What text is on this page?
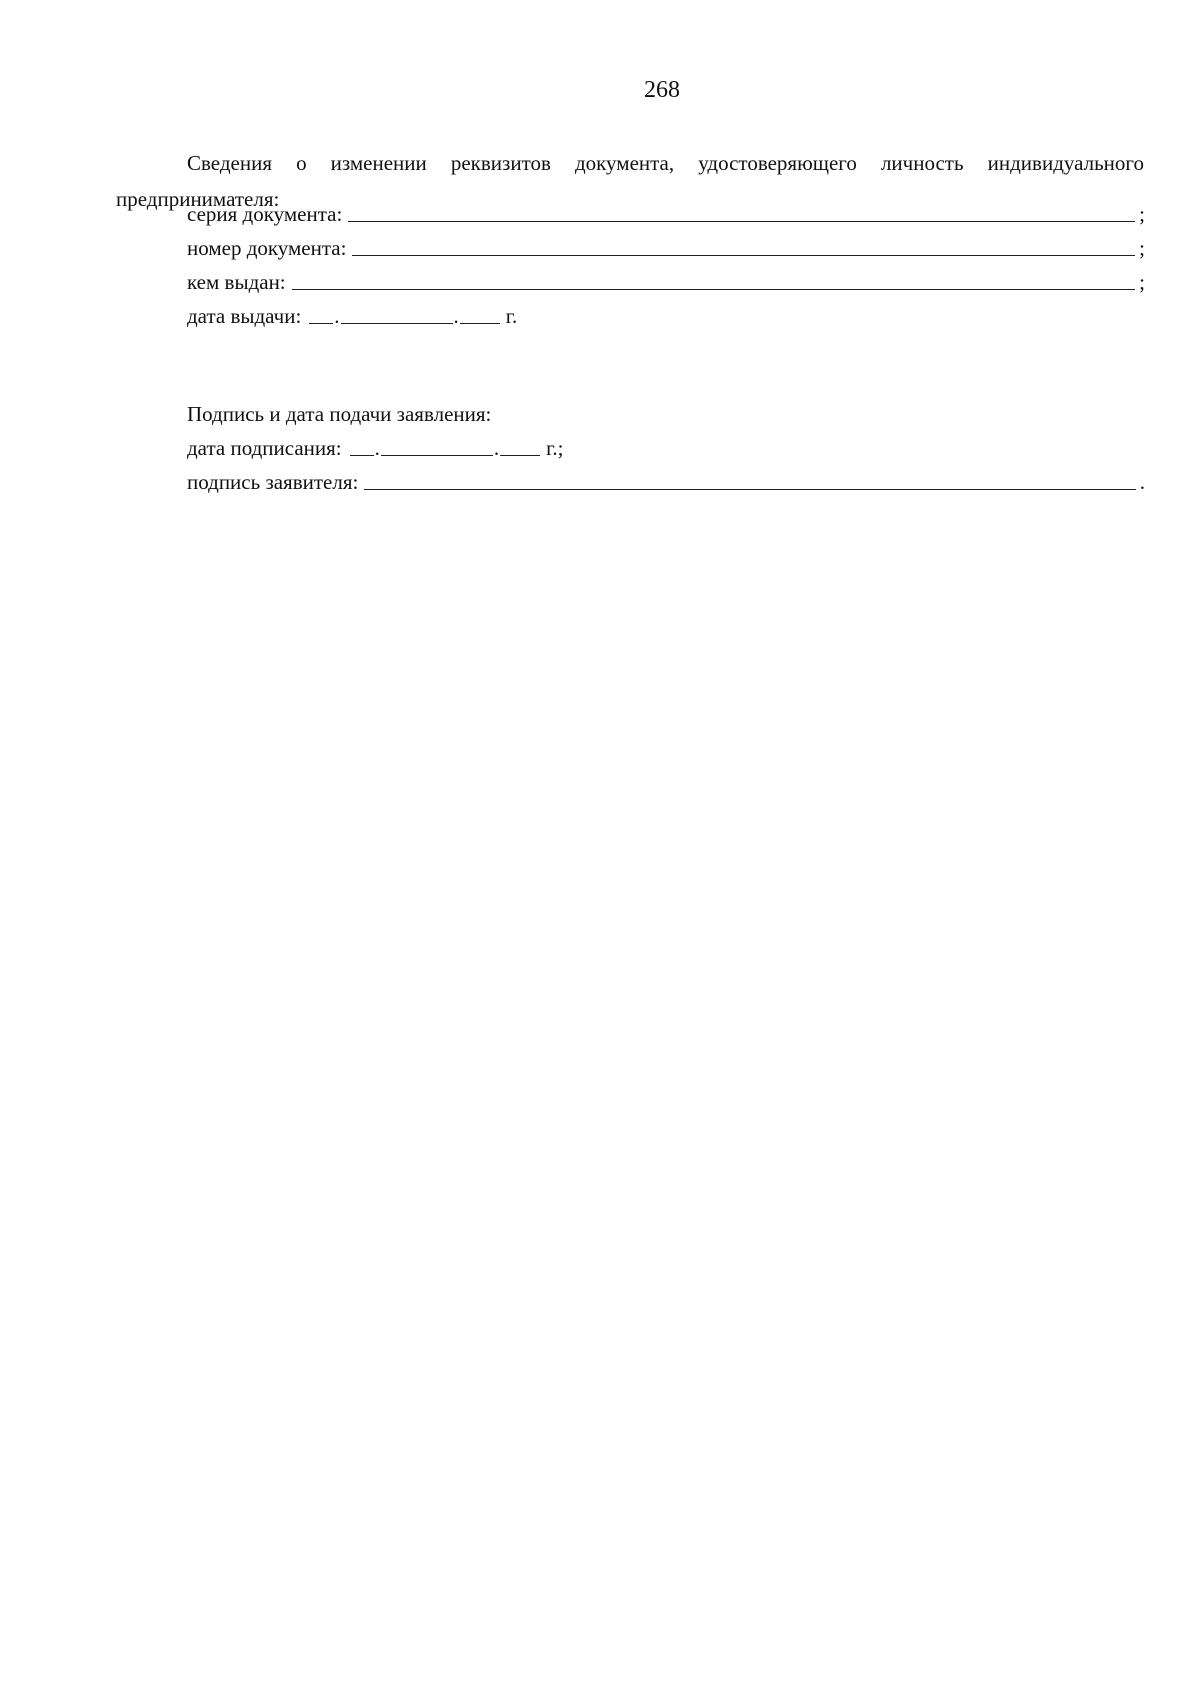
268
Сведения о изменении реквизитов документа, удостоверяющего личность индивидуального предпринимателя:
серия документа:	;
номер документа:	;
кем выдан:	;
дата выдачи: .	. г.
Подпись и дата подачи заявления:
дата подписания: .	. г.;
подпись заявителя:	.
